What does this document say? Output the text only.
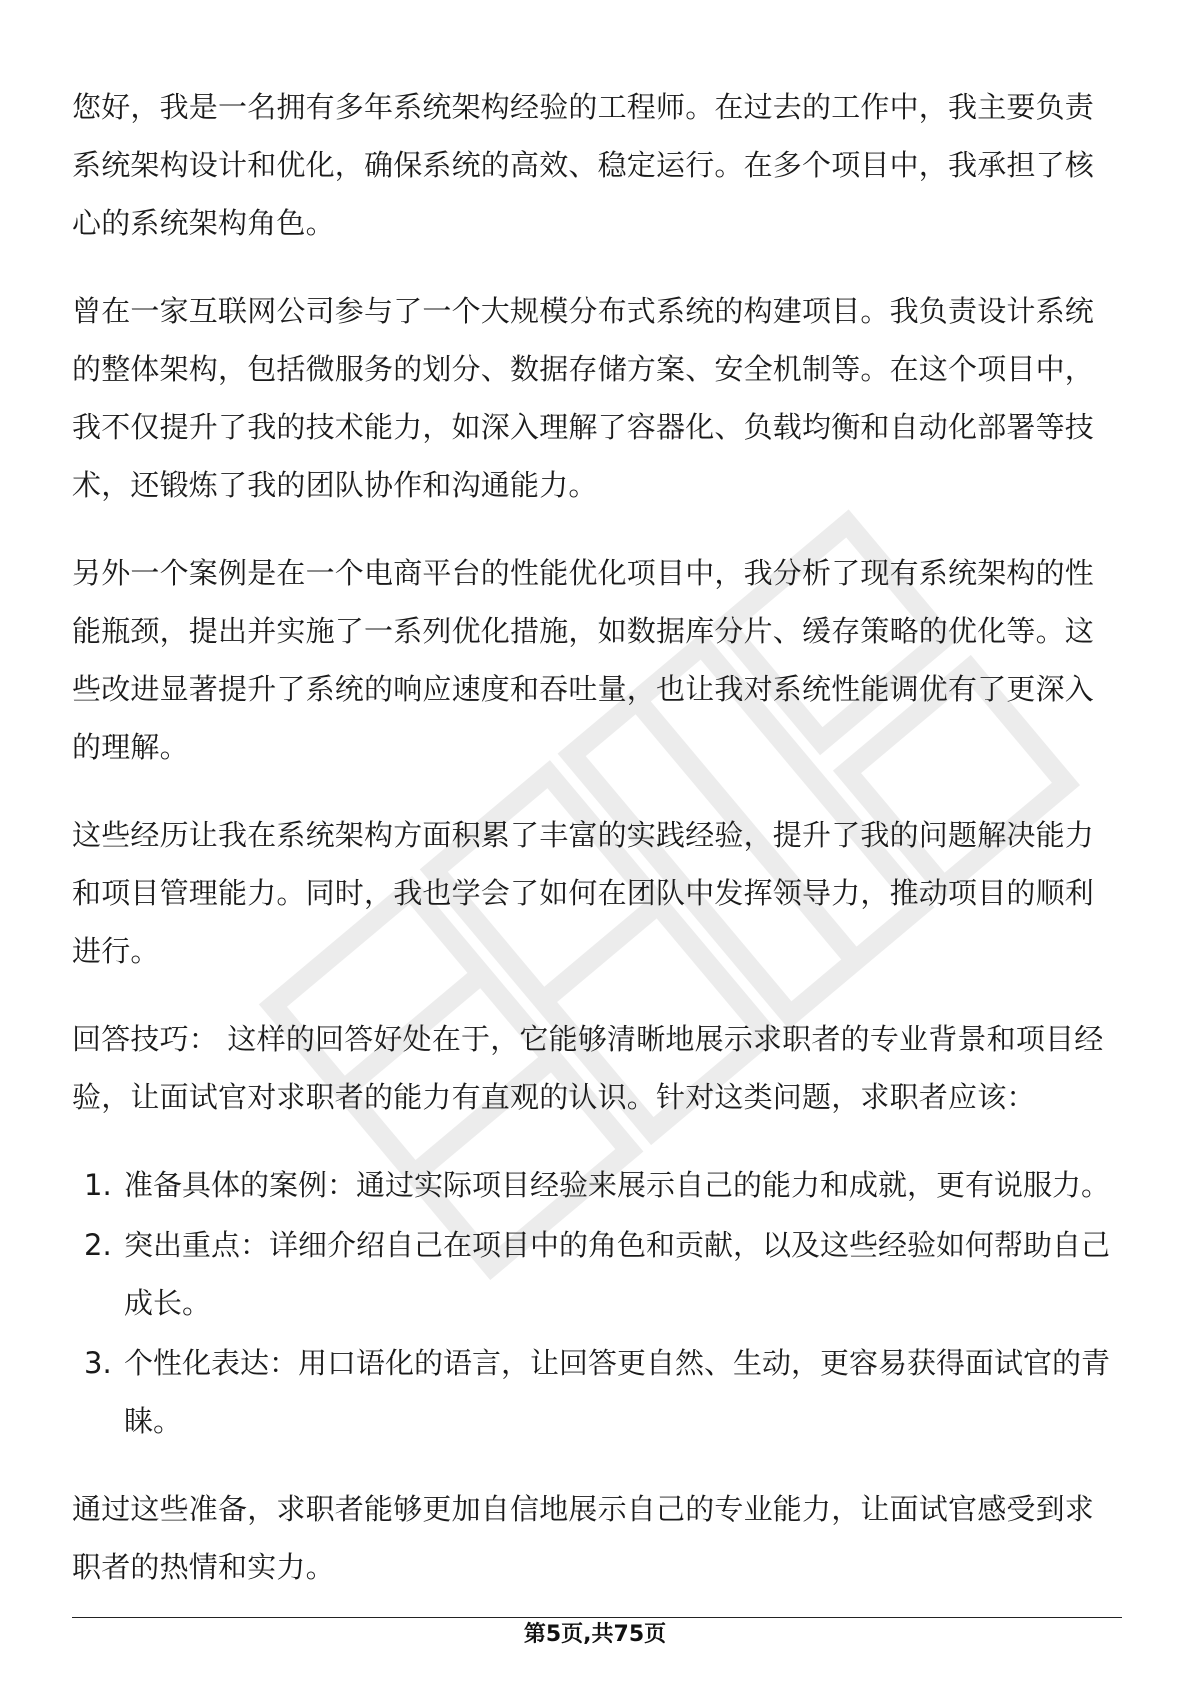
您好，我是一名拥有多年系统架构经验的工程师。在过去的工作中，我主要负责系统架构设计和优化，确保系统的高效、稳定运行。在多个项目中，我承担了核心的系统架构角色。

曾在一家互联网公司参与了一个大规模分布式系统的构建项目。我负责设计系统的整体架构，包括微服务的划分、数据存储方案、安全机制等。在这个项目中，我不仅提升了我的技术能力，如深入理解了容器化、负载均衡和自动化部署等技术，还锻炼了我的团队协作和沟通能力。

另外一个案例是在一个电商平台的性能优化项目中，我分析了现有系统架构的性能瓶颈，提出并实施了一系列优化措施，如数据库分片、缓存策略的优化等。这些改进显著提升了系统的响应速度和吞吐量，也让我对系统性能调优有了更深入的理解。

这些经历让我在系统架构方面积累了丰富的实践经验，提升了我的问题解决能力和项目管理能力。同时，我也学会了如何在团队中发挥领导力，推动项目的顺利进行。

回答技巧： 这样的回答好处在于，它能够清晰地展示求职者的专业背景和项目经验，让面试官对求职者的能力有直观的认识。针对这类问题，求职者应该：

1. 准备具体的案例：通过实际项目经验来展示自己的能力和成就，更有说服力。
2. 突出重点：详细介绍自己在项目中的角色和贡献，以及这些经验如何帮助自己成长。
3. 个性化表达：用口语化的语言，让回答更自然、生动，更容易获得面试官的青睐。

通过这些准备，求职者能够更加自信地展示自己的专业能力，让面试官感受到求职者的热情和实力。

第5页,共75页
